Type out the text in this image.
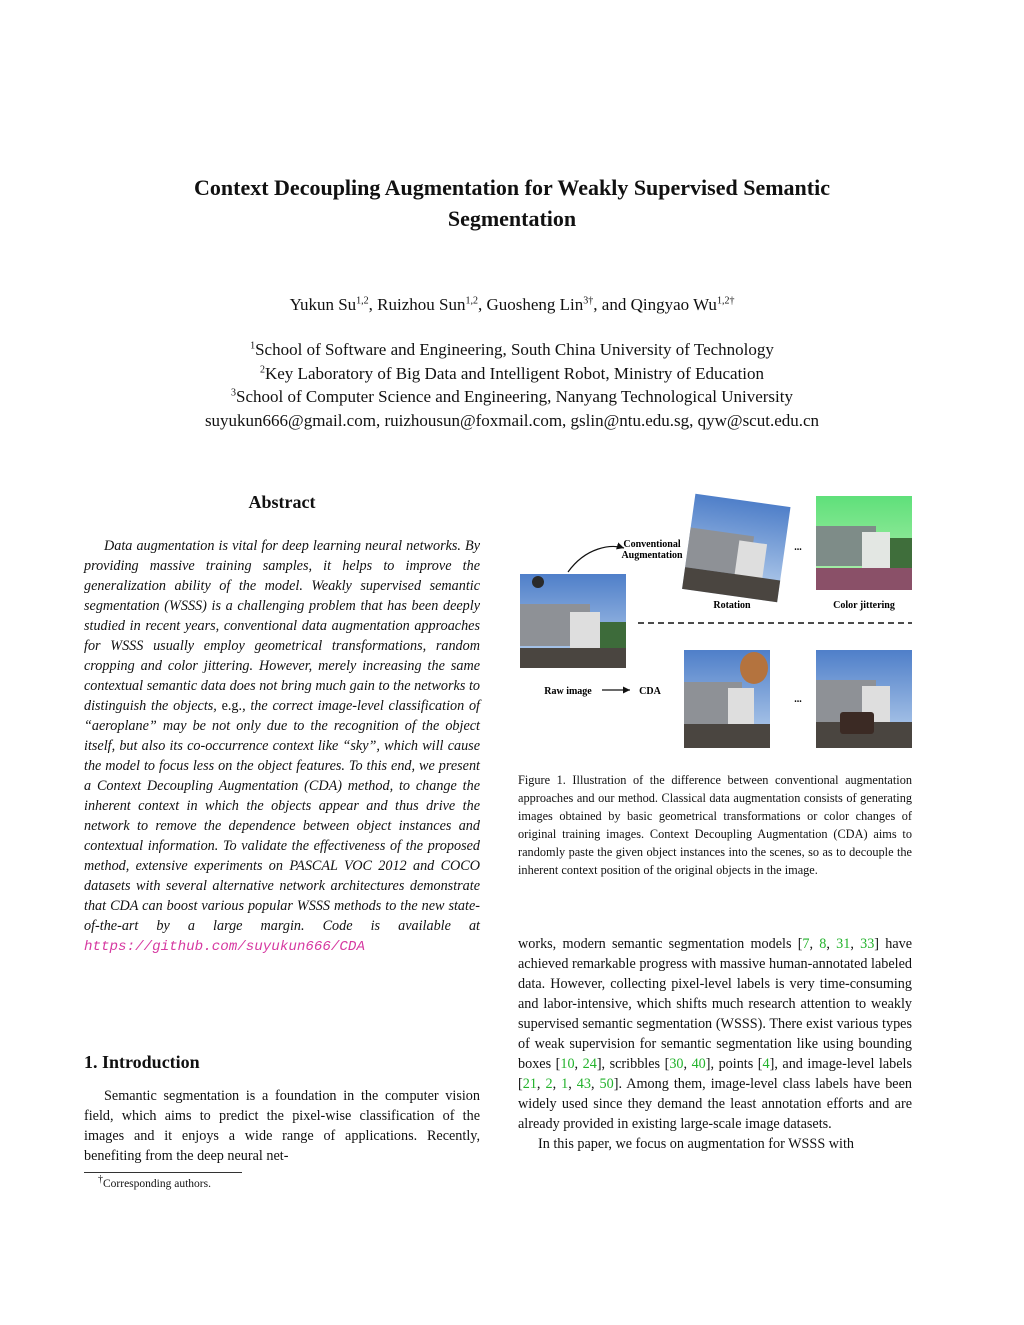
Context Decoupling Augmentation for Weakly Supervised Semantic
Segmentation
Yukun Su$^{1,2}$, Ruizhou Sun$^{1,2}$, Guosheng Lin$^{3\dagger}$, and Qingyao $Wu^{1,2\dagger}$
$^1$School of Software and Engineering, South China University of Technology
$^2$Key Laboratory of Big Data and Intelligent Robot, Ministry of Education
$^3$School of Computer Science and Engineering, Nanyang Technological University
suyukun666@gmail.com, ruizhousun@foxmail.com, gslin@ntu.edu.sg, qyw@scut.edu.cn
Abstract

Data augmentation is vital for deep learning neural networks. By providing massive training samples, it helps to improve the generalization ability of the model. Weakly supervised semantic segmentation (WSSS) is a challenging problem that has been deeply studied in recent years, conventional data augmentation approaches for WSSS usually employ geometrical transformations, random cropping and color jittering. However, merely increasing the same contextual semantic data does not bring much gain to the networks to distinguish the objects, e.g., the correct image-level classification of “aeroplane” may be not only due to the recognition of the object itself, but also its co-occurrence context like “sky”, which will cause the model to focus less on the object features. To this end, we present a Context Decoupling Augmentation (CDA) method, to change the inherent context in which the objects appear and thus drive the network to remove the dependence between object instances and contextual information. To validate the effectiveness of the proposed method, extensive experiments on PASCAL VOC 2012 and COCO datasets with several alternative network architectures demonstrate that CDA can boost various popular WSSS methods to the new state-of-the-art by a large margin. Code is available at https://github.com/suyukun666/CDA

1. Introduction

Semantic segmentation is a foundation in the computer vision field, which aims to predict the pixel-wise classification of the images and it enjoys a wide range of applications. Recently, benefiting from the deep neural net-

†Corresponding authors.
Conventional
Augmentation
Rotation	Color jittering
Raw image	CDA
...
...
Figure 1. Illustration of the difference between conventional augmentation approaches and our method. Classical data augmentation consists of generating images obtained by basic geometrical transformations or color changes of original training images. Context Decoupling Augmentation (CDA) aims to randomly paste the given object instances into the scenes, so as to decouple the inherent context position of the original objects in the image.

works, modern semantic segmentation models [7, 8, 31, 33] have achieved remarkable progress with massive human-annotated labeled data. However, collecting pixel-level labels is very time-consuming and labor-intensive, which shifts much research attention to weakly supervised semantic segmentation (WSSS). There exist various types of weak supervision for semantic segmentation like using bounding boxes [10, 24], scribbles [30, 40], points [4], and image-level labels [21, 2, 1, 43, 50]. Among them, image-level class labels have been widely used since they demand the least annotation efforts and are already provided in existing large-scale image datasets.

In this paper, we focus on augmentation for WSSS with
